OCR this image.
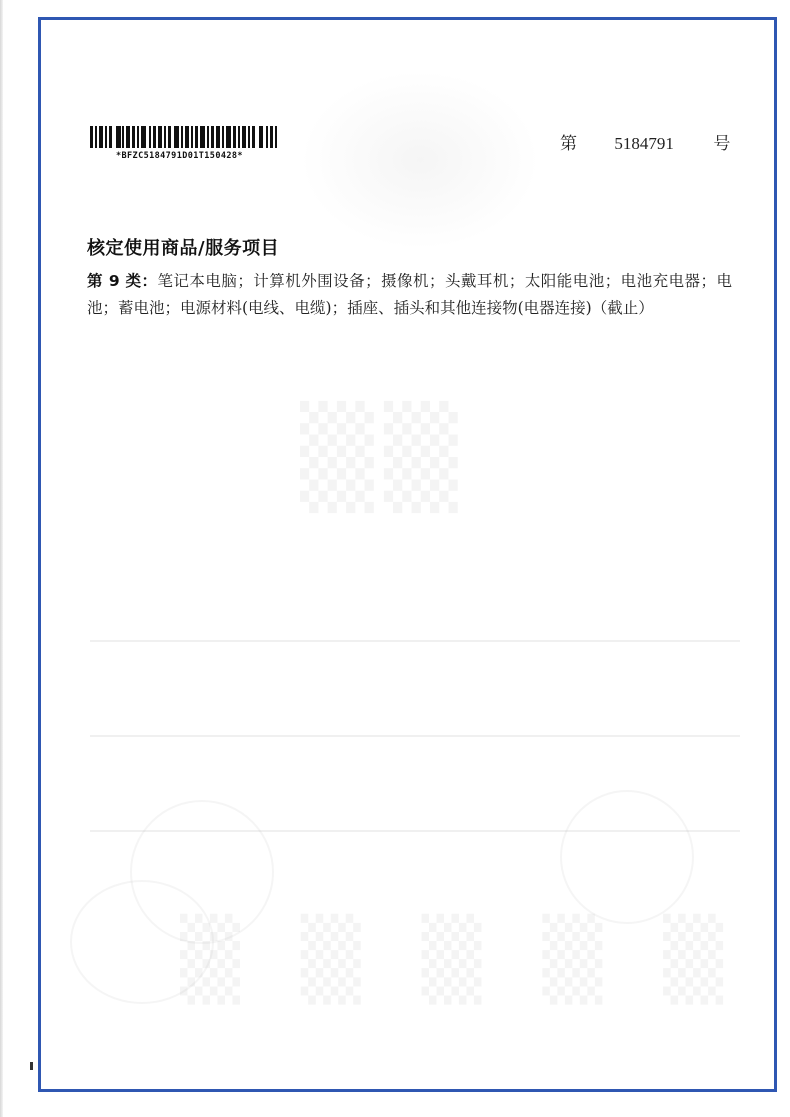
▒▒
▒ ▒ ▒ ▒ ▒
*BFZC5184791D01T150428*
第 5184791 号
核定使用商品/服务项目
第 9 类：笔记本电脑；计算机外围设备；摄像机；头戴耳机；太阳能电池；电池充电器；电池；蓄电池；电源材料(电线、电缆)；插座、插头和其他连接物(电器连接)（截止）
